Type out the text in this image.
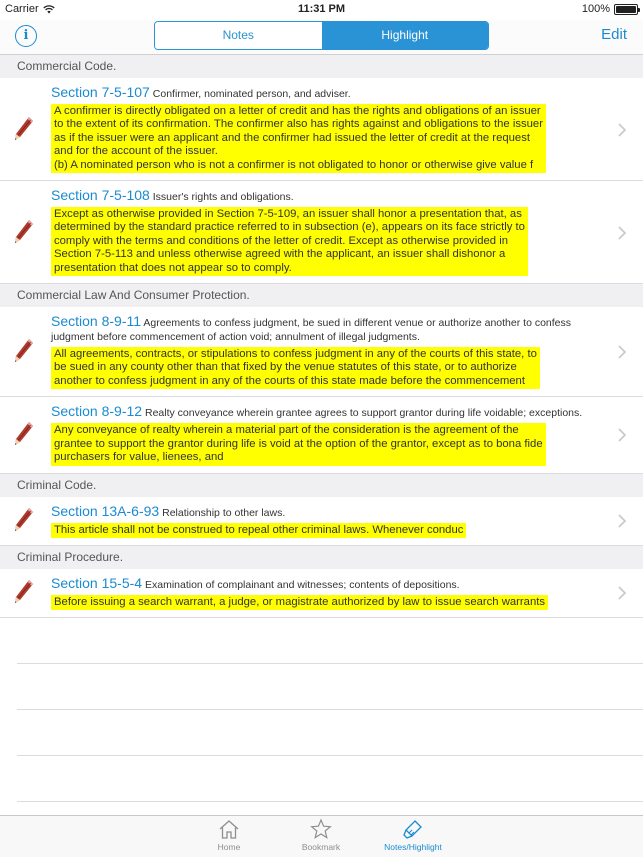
Carrier	11:31 PM	100%
i	Notes	Highlight	Edit
Commercial Code.
Section 7-5-107 Confirmer, nominated person, and adviser.
A confirmer is directly obligated on a letter of credit and has the rights and obligations of an issuer
to the extent of its confirmation. The confirmer also has rights against and obligations to the issuer
as if the issuer were an applicant and the confirmer had issued the letter of credit at the request
and for the account of the issuer.
(b) A nominated person who is not a confirmer is not obligated to honor or otherwise give value f
Section 7-5-108 Issuer's rights and obligations.
Except as otherwise provided in Section 7-5-109, an issuer shall honor a presentation that, as
determined by the standard practice referred to in subsection (e), appears on its face strictly to
comply with the terms and conditions of the letter of credit. Except as otherwise provided in
Section 7-5-113 and unless otherwise agreed with the applicant, an issuer shall dishonor a
presentation that does not appear so to comply.
Commercial Law And Consumer Protection.
Section 8-9-11 Agreements to confess judgment, be sued in different venue or authorize another to confess judgment before commencement of action void; annulment of illegal judgments.
All agreements, contracts, or stipulations to confess judgment in any of the courts of this state, to
be sued in any county other than that fixed by the venue statutes of this state, or to authorize
another to confess judgment in any of the courts of this state made before the commencement
Section 8-9-12 Realty conveyance wherein grantee agrees to support grantor during life voidable; exceptions.
Any conveyance of realty wherein a material part of the consideration is the agreement of the
grantee to support the grantor during life is void at the option of the grantor, except as to bona fide
purchasers for value, lienees, and
Criminal Code.
Section 13A-6-93 Relationship to other laws.
This article shall not be construed to repeal other criminal laws. Whenever conduc
Criminal Procedure.
Section 15-5-4 Examination of complainant and witnesses; contents of depositions.
Before issuing a search warrant, a judge, or magistrate authorized by law to issue search warrants
Home	Bookmark	Notes/Highlight
